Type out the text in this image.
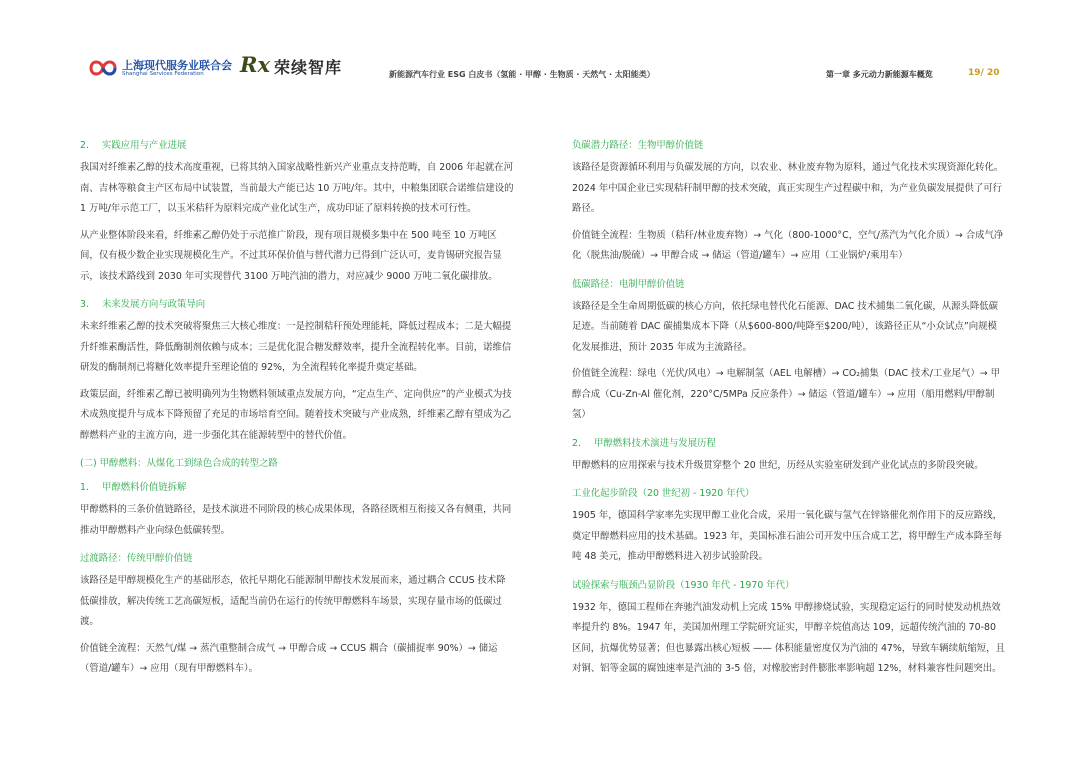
上海现代服务业联合会
Shanghai Services Federation Rx 荣续智库	新能源汽车行业 ESG 白皮书（氢能 · 甲醇 · 生物质 · 天然气 · 太阳能类）	第一章 多元动力新能源车概览	19/ 20
2. 实践应用与产业进展

我国对纤维素乙醇的技术高度重视，已将其纳入国家战略性新兴产业重点支持范畴，自 2006 年起就在河南、吉林等粮食主产区布局中试装置，当前最大产能已达 10 万吨/年。其中，中粮集团联合诺维信建设的 1 万吨/年示范工厂，以玉米秸秆为原料完成产业化试生产，成功印证了原料转换的技术可行性。

从产业整体阶段来看，纤维素乙醇仍处于示范推广阶段，现有项目规模多集中在 500 吨至 10 万吨区间，仅有极少数企业实现规模化生产。不过其环保价值与替代潜力已得到广泛认可，麦肯锡研究报告显示，该技术路线到 2030 年可实现替代 3100 万吨汽油的潜力，对应减少 9000 万吨二氧化碳排放。

3. 未来发展方向与政策导向

未来纤维素乙醇的技术突破将聚焦三大核心维度：一是控制秸秆预处理能耗，降低过程成本；二是大幅提升纤维素酶活性，降低酶制剂依赖与成本；三是优化混合糖发酵效率，提升全流程转化率。目前，诺维信研发的酶制剂已将糖化效率提升至理论值的 92%，为全流程转化率提升奠定基础。

政策层面，纤维素乙醇已被明确列为生物燃料领域重点发展方向，“定点生产、定向供应”的产业模式为技术成熟度提升与成本下降预留了充足的市场培育空间。随着技术突破与产业成熟，纤维素乙醇有望成为乙醇燃料产业的主流方向，进一步强化其在能源转型中的替代价值。

(二) 甲醇燃料：从煤化工到绿色合成的转型之路
1. 甲醇燃料价值链拆解

甲醇燃料的三条价值链路径，是技术演进不同阶段的核心成果体现，各路径既相互衔接又各有侧重，共同推动甲醇燃料产业向绿色低碳转型。

过渡路径：传统甲醇价值链

该路径是甲醇规模化生产的基础形态，依托早期化石能源制甲醇技术发展而来，通过耦合 CCUS 技术降低碳排放，解决传统工艺高碳短板，适配当前仍在运行的传统甲醇燃料车场景，实现存量市场的低碳过渡。

价值链全流程：天然气/煤 → 蒸汽重整制合成气 → 甲醇合成 → CCUS 耦合（碳捕捉率 90%）→ 储运（管道/罐车）→ 应用（现有甲醇燃料车）。

负碳潜力路径：生物甲醇价值链

该路径是资源循环利用与负碳发展的方向，以农业、林业废弃物为原料，通过气化技术实现资源化转化。2024 年中国企业已实现秸秆制甲醇的技术突破，真正实现生产过程碳中和，为产业负碳发展提供了可行路径。

价值链全流程：生物质（秸秆/林业废弃物）→ 气化（800-1000°C，空气/蒸汽为气化介质）→ 合成气净化（脱焦油/脱硫）→ 甲醇合成 → 储运（管道/罐车）→ 应用（工业锅炉/乘用车）

低碳路径：电制甲醇价值链

该路径是全生命周期低碳的核心方向，依托绿电替代化石能源、DAC 技术捕集二氧化碳，从源头降低碳足迹。当前随着 DAC 碳捕集成本下降（从$600-800/吨降至$200/吨），该路径正从“小众试点”向规模化发展推进，预计 2035 年成为主流路径。

价值链全流程：绿电（光伏/风电）→ 电解制氢（AEL 电解槽）→ CO₂捕集（DAC 技术/工业尾气）→ 甲醇合成（Cu-Zn-Al 催化剂，220°C/5MPa 反应条件）→ 储运（管道/罐车）→ 应用（船用燃料/甲醇制氢）

2. 甲醇燃料技术演进与发展历程

甲醇燃料的应用探索与技术升级贯穿整个 20 世纪，历经从实验室研发到产业化试点的多阶段突破。

工业化起步阶段（20 世纪初 - 1920 年代）

1905 年，德国科学家率先实现甲醇工业化合成，采用一氧化碳与氢气在锌铬催化剂作用下的反应路线，奠定甲醇燃料应用的技术基础。1923 年，美国标准石油公司开发中压合成工艺，将甲醇生产成本降至每吨 48 美元，推动甲醇燃料进入初步试验阶段。

试验探索与瓶颈凸显阶段（1930 年代 - 1970 年代）

1932 年，德国工程师在奔驰汽油发动机上完成 15% 甲醇掺烧试验，实现稳定运行的同时使发动机热效率提升约 8%。1947 年，美国加州理工学院研究证实，甲醇辛烷值高达 109，远超传统汽油的 70-80 区间，抗爆优势显著；但也暴露出核心短板 —— 体积能量密度仅为汽油的 47%，导致车辆续航缩短，且对铜、铝等金属的腐蚀速率是汽油的 3-5 倍，对橡胶密封件膨胀率影响超 12%，材料兼容性问题突出。
